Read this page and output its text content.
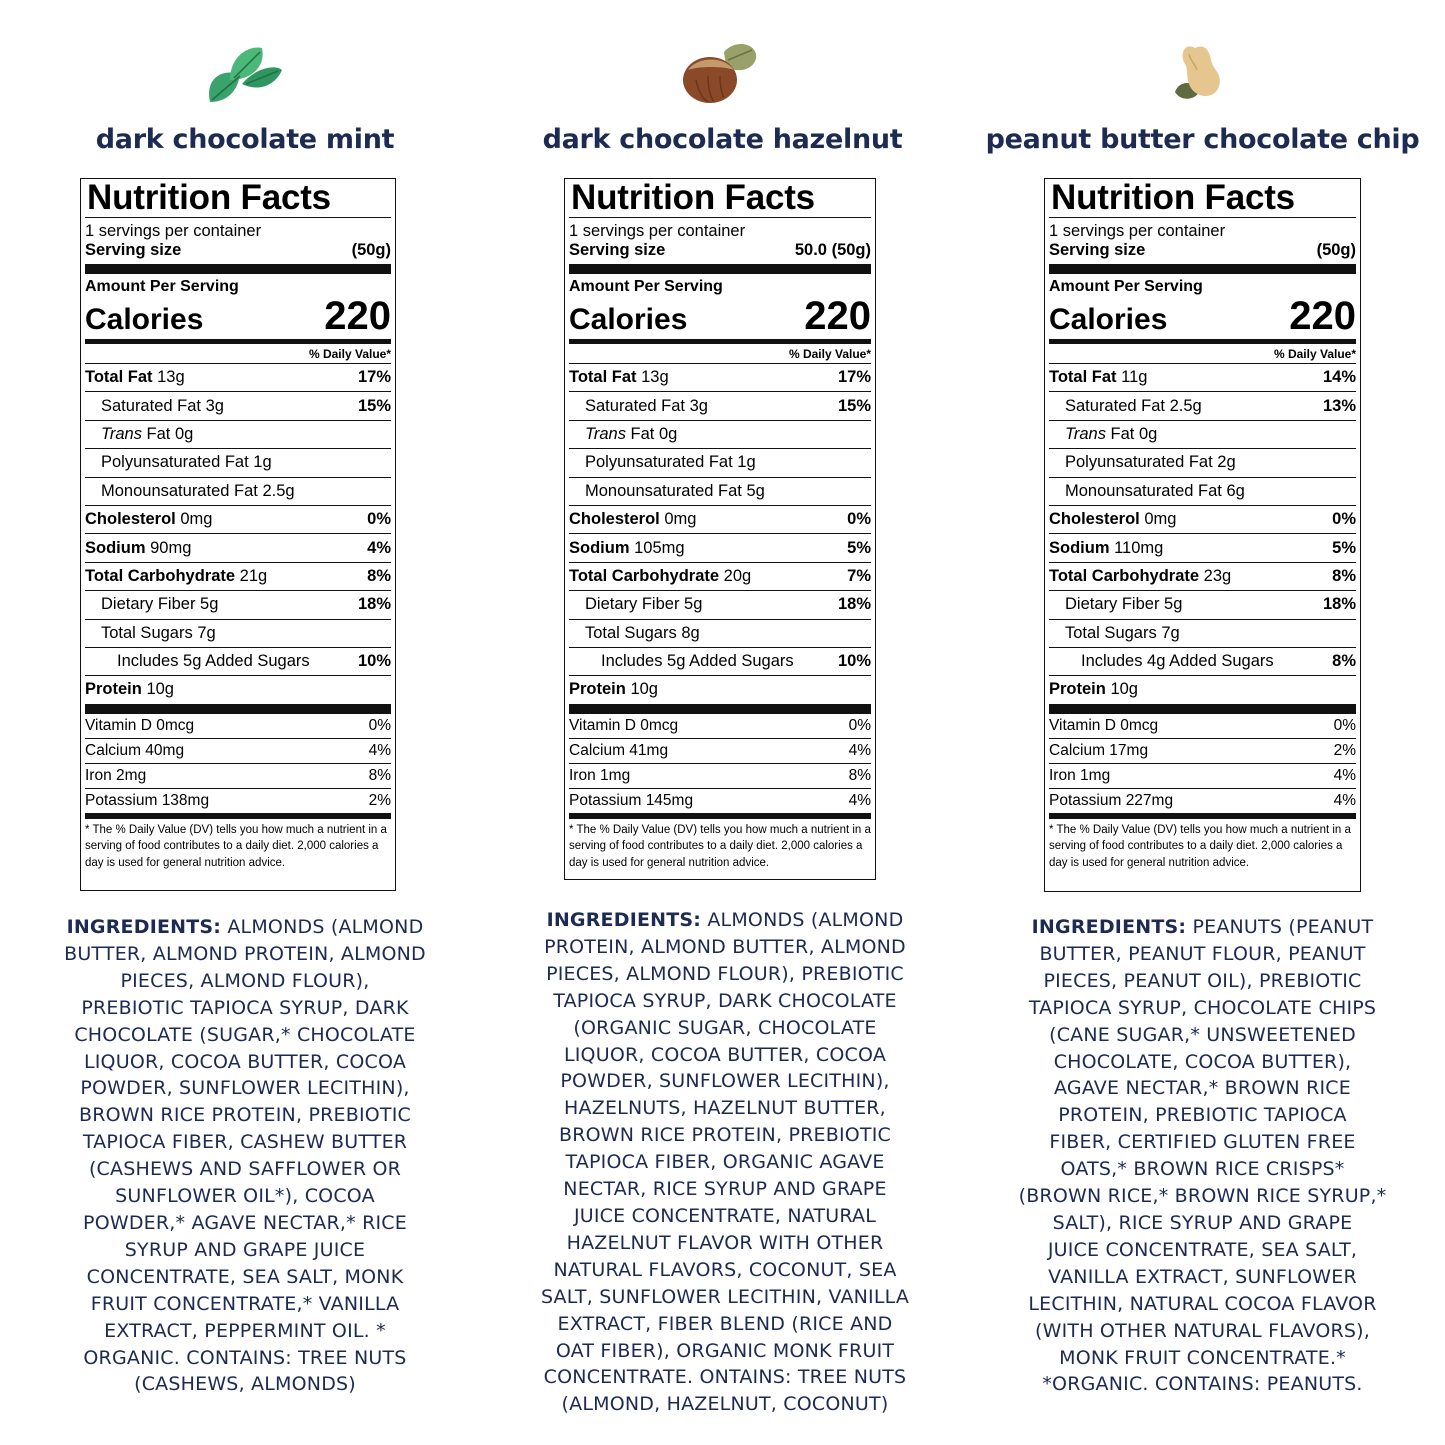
dark chocolate mint
Nutrition Facts
1 servings per container
Serving size	(50g)
Amount Per Serving
Calories	220
% Daily Value*
Total Fat 13g	17%
Saturated Fat 3g	15%
Trans Fat 0g
Polyunsaturated Fat 1g
Monounsaturated Fat 2.5g
Cholesterol 0mg	0%
Sodium 90mg	4%
Total Carbohydrate 21g	8%
Dietary Fiber 5g	18%
Total Sugars 7g
Includes 5g Added Sugars	10%
Protein 10g
Vitamin D 0mcg	0%
Calcium 40mg	4%
Iron 2mg	8%
Potassium 138mg	2%
* The % Daily Value (DV) tells you how much a nutrient in a serving of food contributes to a daily diet. 2,000 calories a day is used for general nutrition advice.
INGREDIENTS: ALMONDS (ALMOND
BUTTER, ALMOND PROTEIN, ALMOND
PIECES, ALMOND FLOUR),
PREBIOTIC TAPIOCA SYRUP, DARK
CHOCOLATE (SUGAR,* CHOCOLATE
LIQUOR, COCOA BUTTER, COCOA
POWDER, SUNFLOWER LECITHIN),
BROWN RICE PROTEIN, PREBIOTIC
TAPIOCA FIBER, CASHEW BUTTER
(CASHEWS AND SAFFLOWER OR
SUNFLOWER OIL*), COCOA
POWDER,* AGAVE NECTAR,* RICE
SYRUP AND GRAPE JUICE
CONCENTRATE, SEA SALT, MONK
FRUIT CONCENTRATE,* VANILLA
EXTRACT, PEPPERMINT OIL. *
ORGANIC. CONTAINS: TREE NUTS
(CASHEWS, ALMONDS)
dark chocolate hazelnut
Nutrition Facts
1 servings per container
Serving size	50.0 (50g)
Amount Per Serving
Calories	220
% Daily Value*
Total Fat 13g	17%
Saturated Fat 3g	15%
Trans Fat 0g
Polyunsaturated Fat 1g
Monounsaturated Fat 5g
Cholesterol 0mg	0%
Sodium 105mg	5%
Total Carbohydrate 20g	7%
Dietary Fiber 5g	18%
Total Sugars 8g
Includes 5g Added Sugars	10%
Protein 10g
Vitamin D 0mcg	0%
Calcium 41mg	4%
Iron 1mg	8%
Potassium 145mg	4%
* The % Daily Value (DV) tells you how much a nutrient in a serving of food contributes to a daily diet. 2,000 calories a day is used for general nutrition advice.
INGREDIENTS: ALMONDS (ALMOND
PROTEIN, ALMOND BUTTER, ALMOND
PIECES, ALMOND FLOUR), PREBIOTIC
TAPIOCA SYRUP, DARK CHOCOLATE
(ORGANIC SUGAR, CHOCOLATE
LIQUOR, COCOA BUTTER, COCOA
POWDER, SUNFLOWER LECITHIN),
HAZELNUTS, HAZELNUT BUTTER,
BROWN RICE PROTEIN, PREBIOTIC
TAPIOCA FIBER, ORGANIC AGAVE
NECTAR, RICE SYRUP AND GRAPE
JUICE CONCENTRATE, NATURAL
HAZELNUT FLAVOR WITH OTHER
NATURAL FLAVORS, COCONUT, SEA
SALT, SUNFLOWER LECITHIN, VANILLA
EXTRACT, FIBER BLEND (RICE AND
OAT FIBER), ORGANIC MONK FRUIT
CONCENTRATE. ONTAINS: TREE NUTS
(ALMOND, HAZELNUT, COCONUT)
peanut butter chocolate chip
Nutrition Facts
1 servings per container
Serving size	(50g)
Amount Per Serving
Calories	220
% Daily Value*
Total Fat 11g	14%
Saturated Fat 2.5g	13%
Trans Fat 0g
Polyunsaturated Fat 2g
Monounsaturated Fat 6g
Cholesterol 0mg	0%
Sodium 110mg	5%
Total Carbohydrate 23g	8%
Dietary Fiber 5g	18%
Total Sugars 7g
Includes 4g Added Sugars	8%
Protein 10g
Vitamin D 0mcg	0%
Calcium 17mg	2%
Iron 1mg	4%
Potassium 227mg	4%
* The % Daily Value (DV) tells you how much a nutrient in a serving of food contributes to a daily diet. 2,000 calories a day is used for general nutrition advice.
INGREDIENTS: PEANUTS (PEANUT
BUTTER, PEANUT FLOUR, PEANUT
PIECES, PEANUT OIL), PREBIOTIC
TAPIOCA SYRUP, CHOCOLATE CHIPS
(CANE SUGAR,* UNSWEETENED
CHOCOLATE, COCOA BUTTER),
AGAVE NECTAR,* BROWN RICE
PROTEIN, PREBIOTIC TAPIOCA
FIBER, CERTIFIED GLUTEN FREE
OATS,* BROWN RICE CRISPS*
(BROWN RICE,* BROWN RICE SYRUP,*
SALT), RICE SYRUP AND GRAPE
JUICE CONCENTRATE, SEA SALT,
VANILLA EXTRACT, SUNFLOWER
LECITHIN, NATURAL COCOA FLAVOR
(WITH OTHER NATURAL FLAVORS),
MONK FRUIT CONCENTRATE.*
*ORGANIC. CONTAINS: PEANUTS.
